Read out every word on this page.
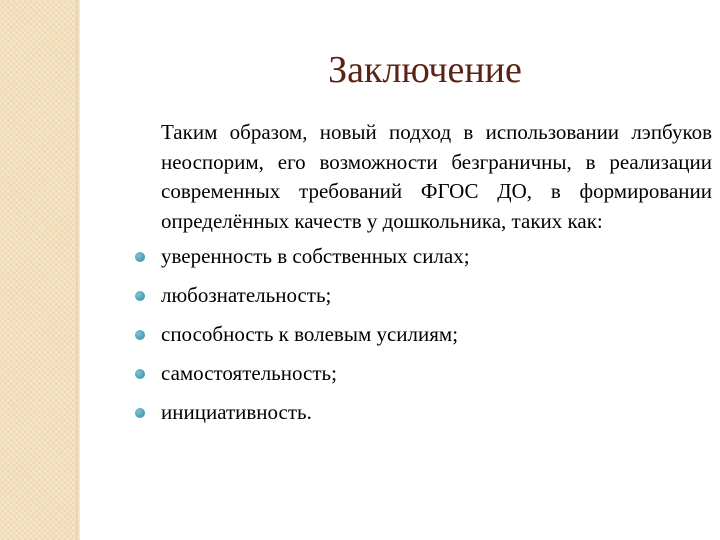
Заключение

Таким образом, новый подход в использовании лэпбуков неоспорим, его возможности безграничны, в реализации современных требований ФГОС ДО, в формировании определённых качеств у дошкольника, таких как:

уверенность в собственных силах;
любознательность;
способность к волевым усилиям;
самостоятельность;
инициативность.
